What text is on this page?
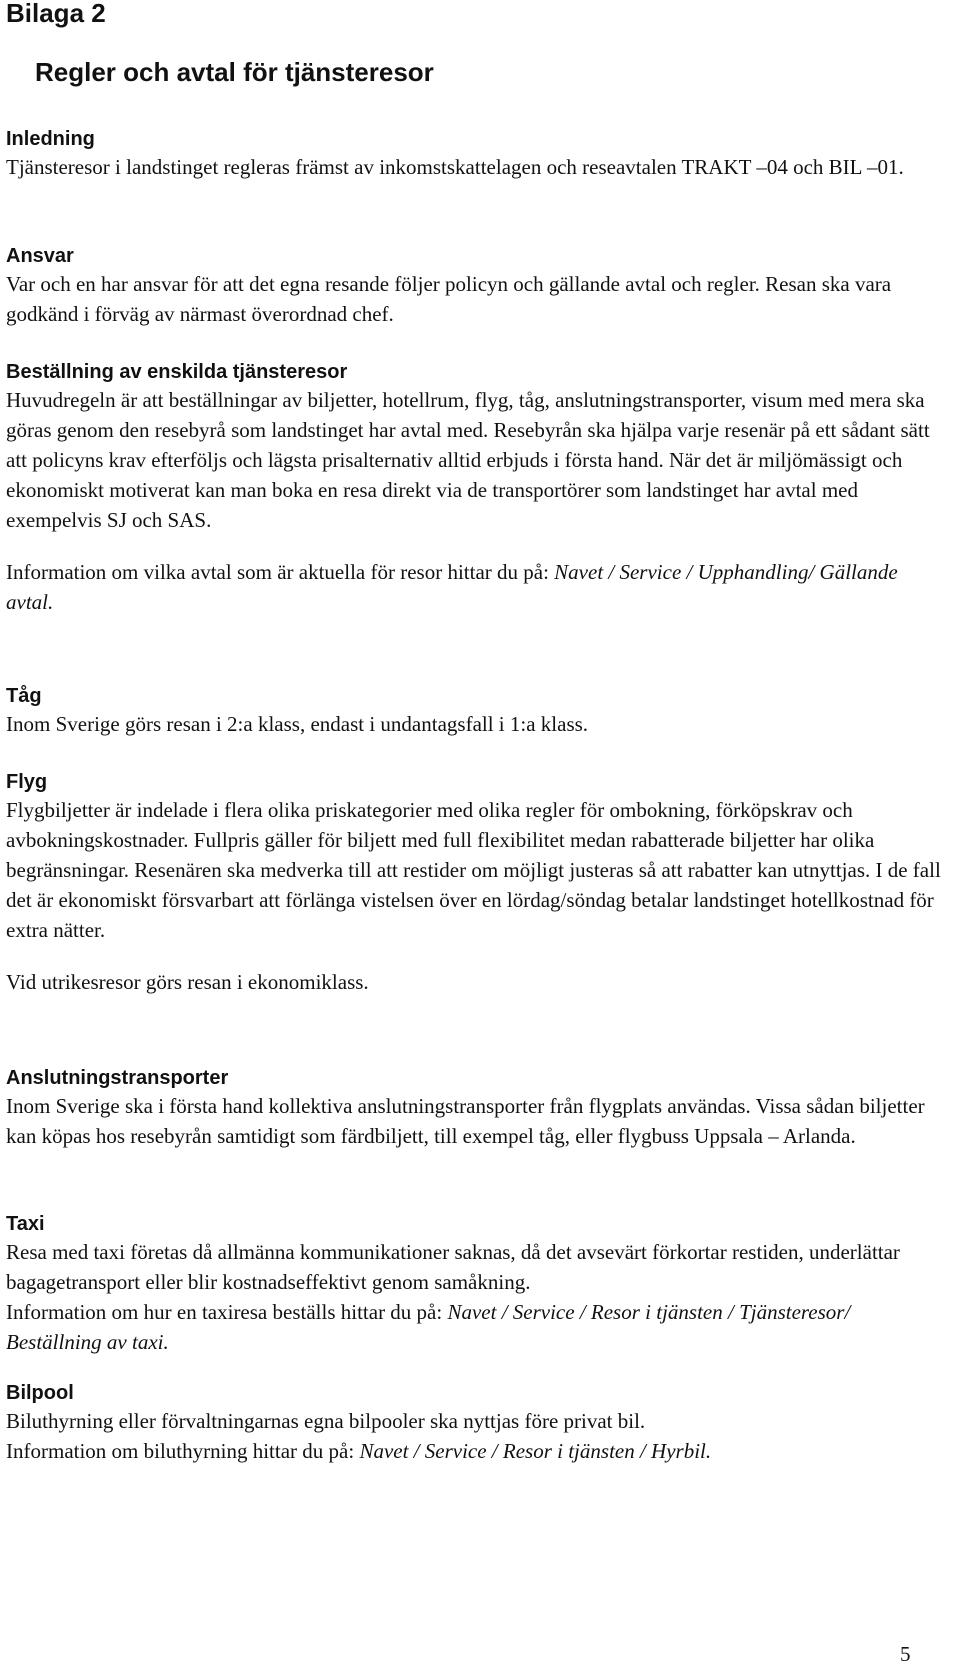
Bilaga 2
Regler och avtal för tjänsteresor
Inledning

Tjänsteresor i landstinget regleras främst av inkomstskattelagen och reseavtalen TRAKT –04 och BIL –01.

Ansvar

Var och en har ansvar för att det egna resande följer policyn och gällande avtal och regler. Resan ska vara godkänd i förväg av närmast överordnad chef.

Beställning av enskilda tjänsteresor

Huvudregeln är att beställningar av biljetter, hotellrum, flyg, tåg, anslutningstransporter, visum med mera ska göras genom den resebyrå som landstinget har avtal med. Resebyrån ska hjälpa varje resenär på ett sådant sätt att policyns krav efterföljs och lägsta prisalternativ alltid erbjuds i första hand. När det är miljömässigt och ekonomiskt motiverat kan man boka en resa direkt via de transportörer som landstinget har avtal med exempelvis SJ och SAS.

Information om vilka avtal som är aktuella för resor hittar du på: Navet / Service / Upphandling/ Gällande avtal.

Tåg

Inom Sverige görs resan i 2:a klass, endast i undantagsfall i 1:a klass.

Flyg

Flygbiljetter är indelade i flera olika priskategorier med olika regler för ombokning, förköpskrav och avbokningskostnader. Fullpris gäller för biljett med full flexibilitet medan rabatterade biljetter har olika begränsningar. Resenären ska medverka till att restider om möjligt justeras så att rabatter kan utnyttjas. I de fall det är ekonomiskt försvarbart att förlänga vistelsen över en lördag/söndag betalar landstinget hotellkostnad för extra nätter.

Vid utrikesresor görs resan i ekonomiklass.

Anslutningstransporter

Inom Sverige ska i första hand kollektiva anslutningstransporter från flygplats användas. Vissa sådan biljetter kan köpas hos resebyrån samtidigt som färdbiljett, till exempel tåg, eller flygbuss Uppsala – Arlanda.

Taxi

Resa med taxi företas då allmänna kommunikationer saknas, då det avsevärt förkortar restiden, underlättar bagagetransport eller blir kostnadseffektivt genom samåkning.

Information om hur en taxiresa beställs hittar du på: Navet / Service / Resor i tjänsten / Tjänsteresor/ Beställning av taxi.

Bilpool

Biluthyrning eller förvaltningarnas egna bilpooler ska nyttjas före privat bil.

Information om biluthyrning hittar du på: Navet / Service / Resor i tjänsten / Hyrbil.

5
